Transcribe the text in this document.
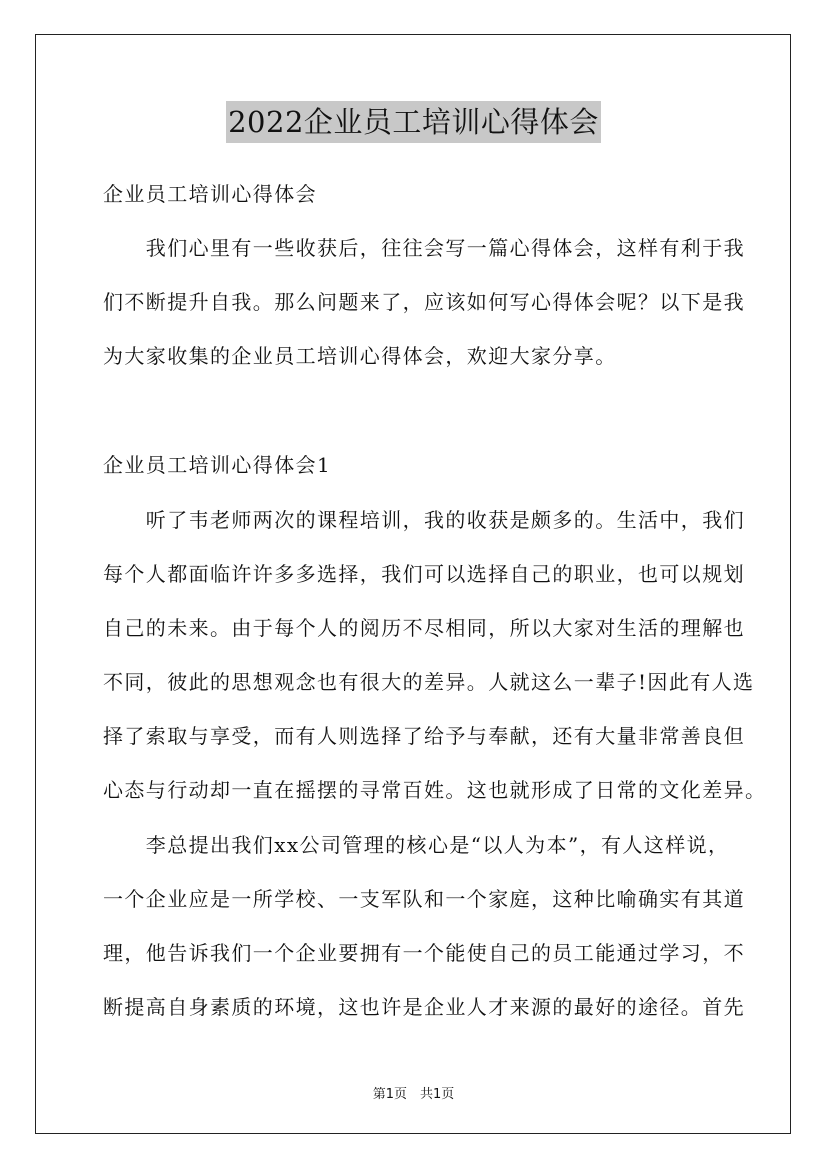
2022企业员工培训心得体会
企业员工培训心得体会
　　我们心里有一些收获后，往往会写一篇心得体会，这样有利于我
们不断提升自我。那么问题来了，应该如何写心得体会呢？以下是我
为大家收集的企业员工培训心得体会，欢迎大家分享。
企业员工培训心得体会1
　　听了韦老师两次的课程培训，我的收获是颇多的。生活中，我们
每个人都面临许许多多选择，我们可以选择自己的职业，也可以规划
自己的未来。由于每个人的阅历不尽相同，所以大家对生活的理解也
不同，彼此的思想观念也有很大的差异。人就这么一辈子!因此有人选
择了索取与享受，而有人则选择了给予与奉献，还有大量非常善良但
心态与行动却一直在摇摆的寻常百姓。这也就形成了日常的文化差异。
　　李总提出我们xx公司管理的核心是“以人为本”，有人这样说，
一个企业应是一所学校、一支军队和一个家庭，这种比喻确实有其道
理，他告诉我们一个企业要拥有一个能使自己的员工能通过学习，不
断提高自身素质的环境，这也许是企业人才来源的最好的途径。首先
第1页　共1页
